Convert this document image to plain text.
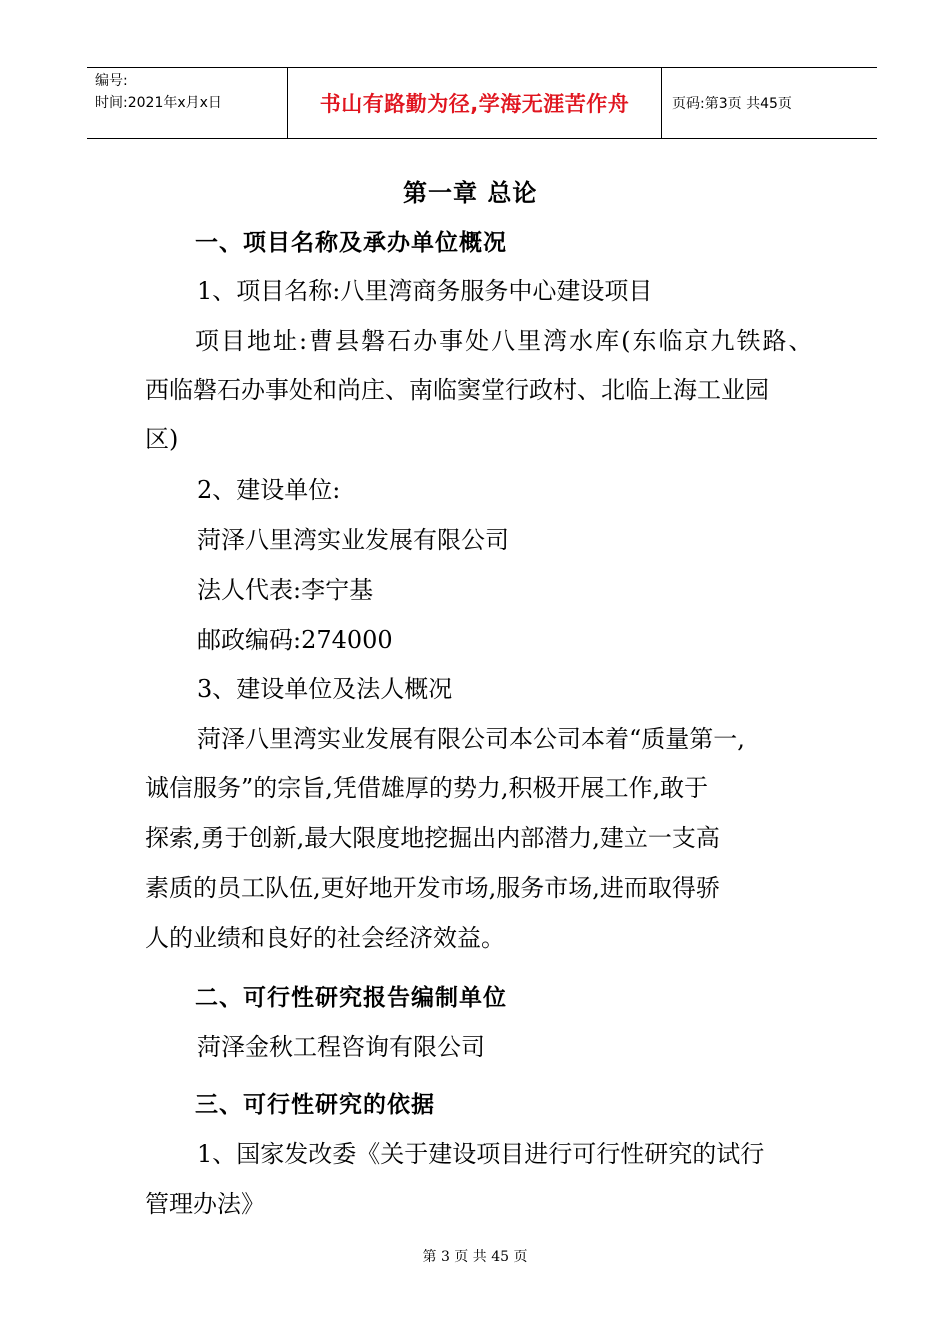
编号:
时间:2021年x月x日	书山有路勤为径,学海无涯苦作舟	页码:第3页 共45页
第一章 总论
一、项目名称及承办单位概况
1、项目名称:八里湾商务服务中心建设项目
项目地址:曹县磐石办事处八里湾水库(东临京九铁路、
西临磐石办事处和尚庄、南临窦堂行政村、北临上海工业园
区)
2、建设单位:
菏泽八里湾实业发展有限公司
法人代表:李宁基
邮政编码:274000
3、建设单位及法人概况
菏泽八里湾实业发展有限公司本公司本着“质量第一,
诚信服务”的宗旨,凭借雄厚的势力,积极开展工作,敢于
探索,勇于创新,最大限度地挖掘出内部潜力,建立一支高
素质的员工队伍,更好地开发市场,服务市场,进而取得骄
人的业绩和良好的社会经济效益。
二、可行性研究报告编制单位
菏泽金秋工程咨询有限公司
三、可行性研究的依据
1、国家发改委《关于建设项目进行可行性研究的试行
管理办法》
第 3 页 共 45 页
